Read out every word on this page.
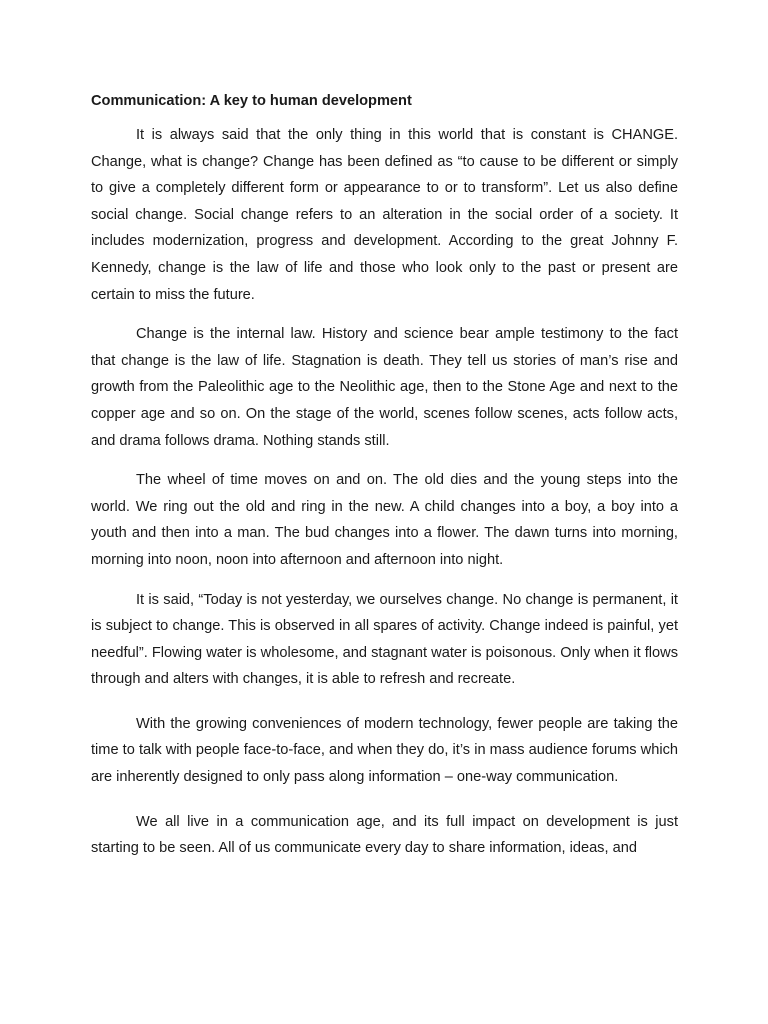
Communication: A key to human development

It is always said that the only thing in this world that is constant is CHANGE. Change, what is change? Change has been defined as “to cause to be different or simply to give a completely different form or appearance to or to transform”. Let us also define social change. Social change refers to an alteration in the social order of a society. It includes modernization, progress and development. According to the great Johnny F. Kennedy, change is the law of life and those who look only to the past or present are certain to miss the future.

Change is the internal law. History and science bear ample testimony to the fact that change is the law of life. Stagnation is death. They tell us stories of man’s rise and growth from the Paleolithic age to the Neolithic age, then to the Stone Age and next to the copper age and so on. On the stage of the world, scenes follow scenes, acts follow acts, and drama follows drama. Nothing stands still.

The wheel of time moves on and on. The old dies and the young steps into the world. We ring out the old and ring in the new. A child changes into a boy, a boy into a youth and then into a man. The bud changes into a flower. The dawn turns into morning, morning into noon, noon into afternoon and afternoon into night.

It is said, “Today is not yesterday, we ourselves change. No change is permanent, it is subject to change. This is observed in all spares of activity. Change indeed is painful, yet needful”. Flowing water is wholesome, and stagnant water is poisonous. Only when it flows through and alters with changes, it is able to refresh and recreate.

With the growing conveniences of modern technology, fewer people are taking the time to talk with people face-to-face, and when they do, it’s in mass audience forums which are inherently designed to only pass along information – one-way communication.

We all live in a communication age, and its full impact on development is just starting to be seen. All of us communicate every day to share information, ideas, and
